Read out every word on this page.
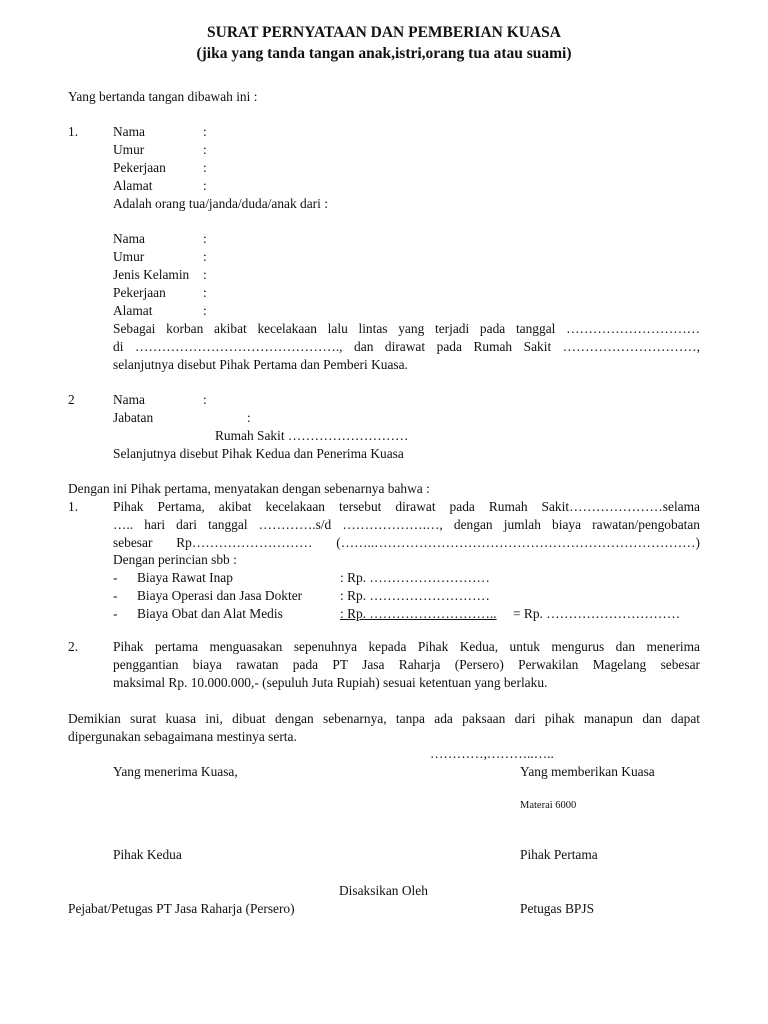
SURAT PERNYATAAN DAN PEMBERIAN KUASA
(jika yang tanda tangan anak,istri,orang tua atau suami)
Yang bertanda tangan dibawah ini :
1.	Nama	:
Umur	:
Pekerjaan	:
Alamat	:
Adalah orang tua/janda/duda/anak dari :
Nama	:
Umur	:
Jenis Kelamin :
Pekerjaan	:
Alamat	:
Sebagai korban akibat kecelakaan lalu lintas yang terjadi pada tanggal …………………………
di ………………………………………., dan dirawat pada Rumah Sakit …………………………,
selanjutnya disebut Pihak Pertama dan Pemberi Kuasa.
2	Nama	:
Jabatan	:
Rumah Sakit ………………………
Selanjutnya disebut Pihak Kedua dan Penerima Kuasa
Dengan ini Pihak pertama, menyatakan dengan sebenarnya bahwa :
1.	Pihak Pertama, akibat kecelakaan tersebut dirawat pada Rumah Sakit…………………selama
….. hari dari tanggal ………….s/d ……………….…, dengan jumlah biaya rawatan/pengobatan
sebesar Rp……………………… (……..………………………………………………………………)
Dengan perincian sbb :
- Biaya Rawat Inap	: Rp. ………………………
- Biaya Operasi dan Jasa Dokter	: Rp. ………………………
- Biaya Obat dan Alat Medis	: Rp. ……………………….. = Rp. …………………………
2.	Pihak pertama menguasakan sepenuhnya kepada Pihak Kedua, untuk mengurus dan menerima
penggantian biaya rawatan pada PT Jasa Raharja (Persero) Perwakilan Magelang sebesar
maksimal Rp. 10.000.000,- (sepuluh Juta Rupiah) sesuai ketentuan yang berlaku.
Demikian surat kuasa ini, dibuat dengan sebenarnya, tanpa ada paksaan dari pihak manapun dan dapat
dipergunakan sebagaimana mestinya serta.
…………,………..…..
Yang menerima Kuasa,	Yang memberikan Kuasa
Materai 6000
Pihak Kedua	Pihak Pertama
Disaksikan Oleh
Pejabat/Petugas PT Jasa Raharja (Persero)	Petugas BPJS
